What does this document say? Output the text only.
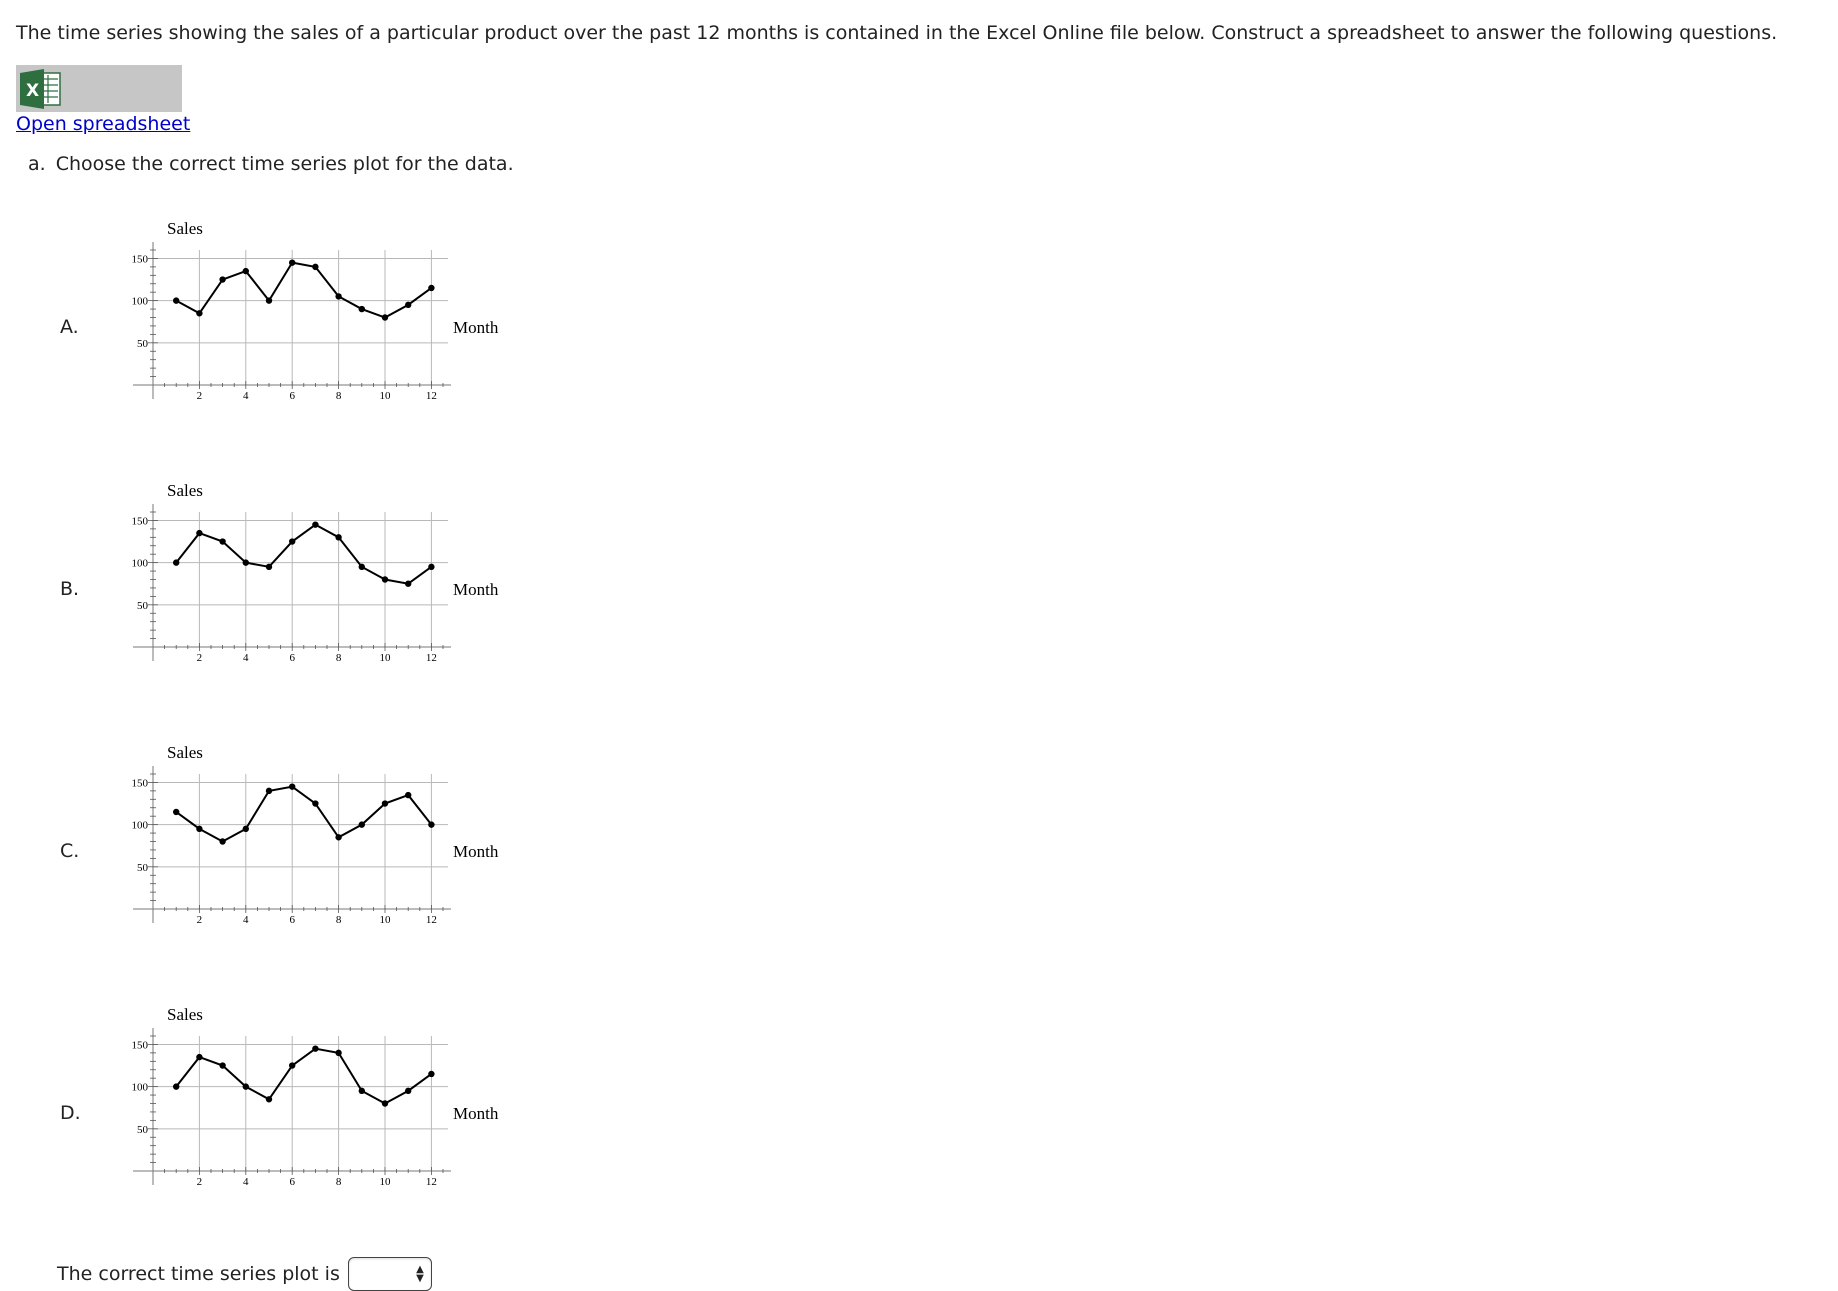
The time series showing the sales of a particular product over the past 12 months is contained in the Excel Online file below. Construct a spreadsheet to answer the following questions.
X
Open spreadsheet
a. Choose the correct time series plot for the data.
A.
2	4	6	8	10	12
50
100
150
Sales
Month
B.
2	4	6	8	10	12
50
100
150
Sales
Month
C.
2	4	6	8	10	12
50
100
150
Sales
Month
D.
2	4	6	8	10	12
50
100
150
Sales
Month
The correct time series plot is	▲
▼
